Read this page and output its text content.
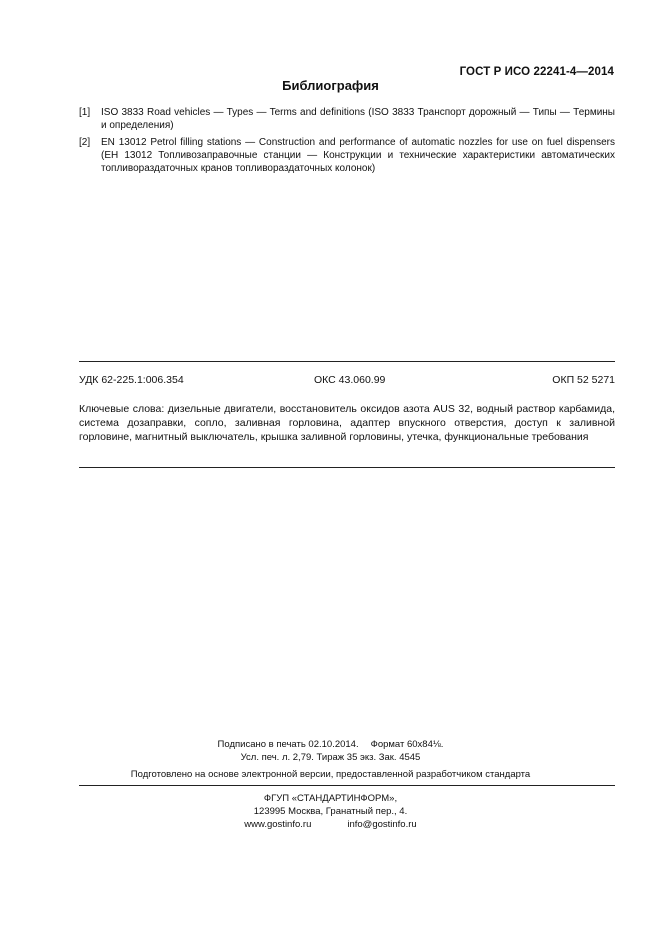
ГОСТ Р ИСО 22241-4—2014
Библиография
[1] ISO 3833 Road vehicles — Types — Terms and definitions (ISO 3833 Транспорт дорожный — Типы — Термины и определения)
[2] EN 13012 Petrol filling stations — Construction and performance of automatic nozzles for use on fuel dispensers (ЕН 13012 Топливозаправочные станции — Конструкции и технические характеристики автоматических топливораздаточных кранов топливораздаточных колонок)
УДК 62-225.1:006.354	ОКС 43.060.99	ОКП 52 5271
Ключевые слова: дизельные двигатели, восстановитель оксидов азота AUS 32, водный раствор карбамида, система дозаправки, сопло, заливная горловина, адаптер впускного отверстия, доступ к заливной горловине, магнитный выключатель, крышка заливной горловины, утечка, функциональные требования
Подписано в печать 02.10.2014. Формат 60x84⅛.
Усл. печ. л. 2,79. Тираж 35 экз. Зак. 4545
Подготовлено на основе электронной версии, предоставленной разработчиком стандарта
ФГУП «СТАНДАРТИНФОРМ»,
123995 Москва, Гранатный пер., 4.
www.gostinfo.ru	info@gostinfo.ru
